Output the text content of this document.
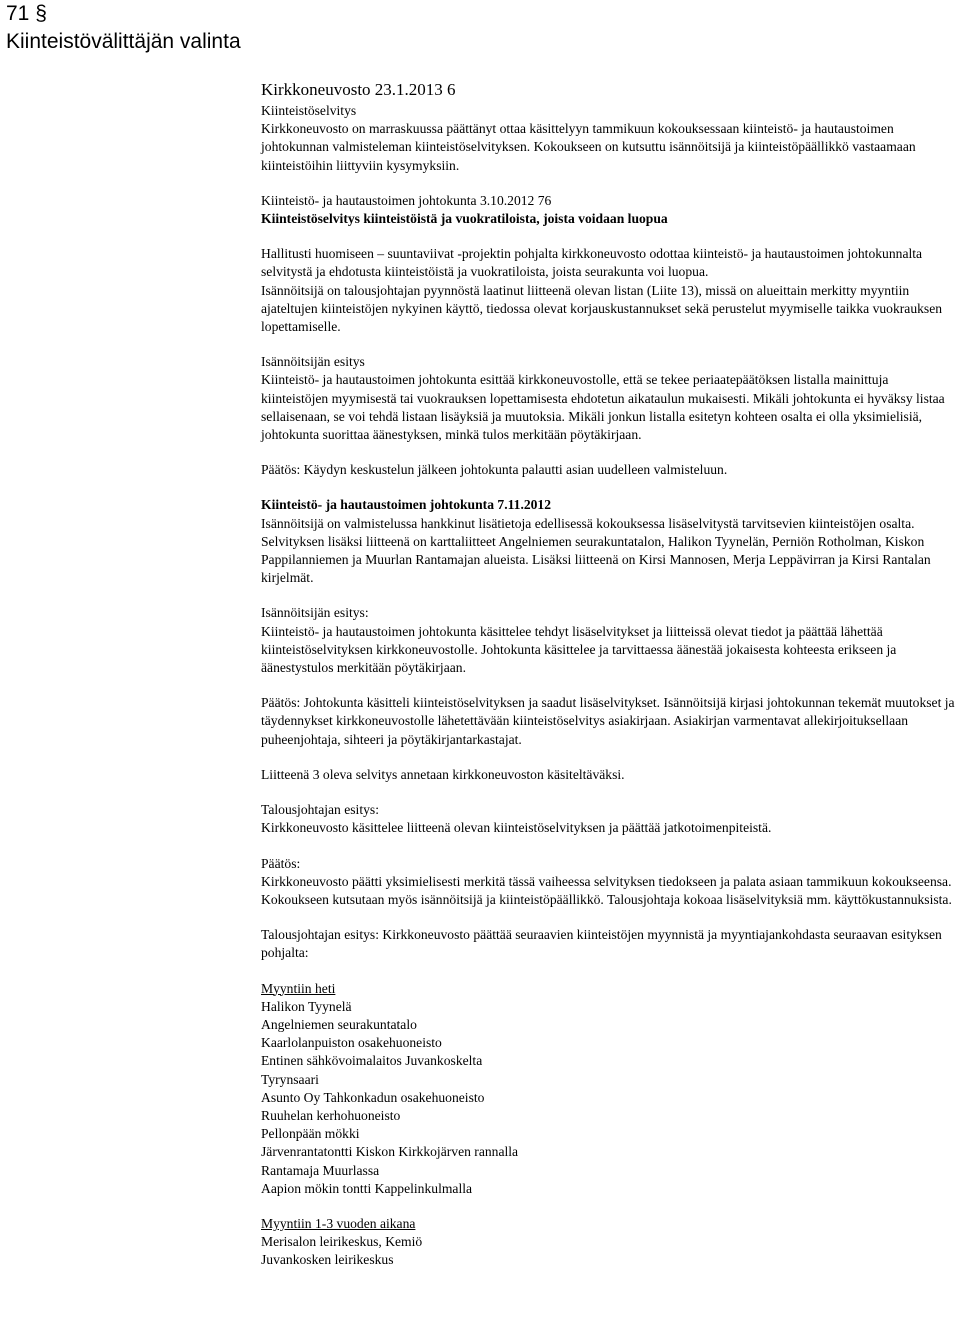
71 §
Kiinteistövälittäjän valinta

Kirkkoneuvosto 23.1.2013 6

Kiinteistöselvitys

Kirkkoneuvosto on marraskuussa päättänyt ottaa käsittelyyn tammikuun kokouksessaan kiinteistö- ja hautaustoimen johtokunnan valmisteleman kiinteistöselvityksen. Kokoukseen on kutsuttu isännöitsijä ja kiinteistöpäällikkö vastaamaan kiinteistöihin liittyviin kysymyksiin.

Kiinteistö- ja hautaustoimen johtokunta 3.10.2012 76

Kiinteistöselvitys kiinteistöistä ja vuokratiloista, joista voidaan luopua

Hallitusti huomiseen – suuntaviivat -projektin pohjalta kirkkoneuvosto odottaa kiinteistö- ja hautaustoimen johtokunnalta selvitystä ja ehdotusta kiinteistöistä ja vuokratiloista, joista seurakunta voi luopua.

Isännöitsijä on talousjohtajan pyynnöstä laatinut liitteenä olevan listan (Liite 13), missä on alueittain merkitty myyntiin ajateltujen kiinteistöjen nykyinen käyttö, tiedossa olevat korjauskustannukset sekä perustelut myymiselle taikka vuokrauksen lopettamiselle.

Isännöitsijän esitys

Kiinteistö- ja hautaustoimen johtokunta esittää kirkkoneuvostolle, että se tekee periaatepäätöksen listalla mainittuja kiinteistöjen myymisestä tai vuokrauksen lopettamisesta ehdotetun aikataulun mukaisesti. Mikäli johtokunta ei hyväksy listaa sellaisenaan, se voi tehdä listaan lisäyksiä ja muutoksia. Mikäli jonkun listalla esitetyn kohteen osalta ei olla yksimielisiä, johtokunta suorittaa äänestyksen, minkä tulos merkitään pöytäkirjaan.

Päätös: Käydyn keskustelun jälkeen johtokunta palautti asian uudelleen valmisteluun.

Kiinteistö- ja hautaustoimen johtokunta 7.11.2012

Isännöitsijä on valmistelussa hankkinut lisätietoja edellisessä kokouksessa lisäselvitystä tarvitsevien kiinteistöjen osalta. Selvityksen lisäksi liitteenä on karttaliitteet Angelniemen seurakuntatalon, Halikon Tyynelän, Perniön Rotholman, Kiskon Pappilanniemen ja Muurlan Rantamajan alueista. Lisäksi liitteenä on Kirsi Mannosen, Merja Leppävirran ja Kirsi Rantalan kirjelmät.

Isännöitsijän esitys:

Kiinteistö- ja hautaustoimen johtokunta käsittelee tehdyt lisäselvitykset ja liitteissä olevat tiedot ja päättää lähettää kiinteistöselvityksen kirkkoneuvostolle. Johtokunta käsittelee ja tarvittaessa äänestää jokaisesta kohteesta erikseen ja äänestystulos merkitään pöytäkirjaan.

Päätös: Johtokunta käsitteli kiinteistöselvityksen ja saadut lisäselvitykset. Isännöitsijä kirjasi johtokunnan tekemät muutokset ja täydennykset kirkkoneuvostolle lähetettävään kiinteistöselvitys asiakirjaan. Asiakirjan varmentavat allekirjoituksellaan puheenjohtaja, sihteeri ja pöytäkirjantarkastajat.

Liitteenä 3 oleva selvitys annetaan kirkkoneuvoston käsiteltäväksi.

Talousjohtajan esitys:

Kirkkoneuvosto käsittelee liitteenä olevan kiinteistöselvityksen ja päättää jatkotoimenpiteistä.

Päätös:

Kirkkoneuvosto päätti yksimielisesti merkitä tässä vaiheessa selvityksen tiedokseen ja palata asiaan tammikuun kokoukseensa. Kokoukseen kutsutaan myös isännöitsijä ja kiinteistöpäällikkö. Talousjohtaja kokoaa lisäselvityksiä mm. käyttökustannuksista.

Talousjohtajan esitys: Kirkkoneuvosto päättää seuraavien kiinteistöjen myynnistä ja myyntiajankohdasta seuraavan esityksen pohjalta:

Myyntiin heti

Halikon Tyynelä

Angelniemen seurakuntatalo

Kaarlolanpuiston osakehuoneisto

Entinen sähkövoimalaitos Juvankoskelta

Tyrynsaari

Asunto Oy Tahkonkadun osakehuoneisto

Ruuhelan kerhohuoneisto

Pellonpään mökki

Järvenrantatontti Kiskon Kirkkojärven rannalla

Rantamaja Muurlassa

Aapion mökin tontti Kappelinkulmalla

Myyntiin 1-3 vuoden aikana

Merisalon leirikeskus, Kemiö

Juvankosken leirikeskus
